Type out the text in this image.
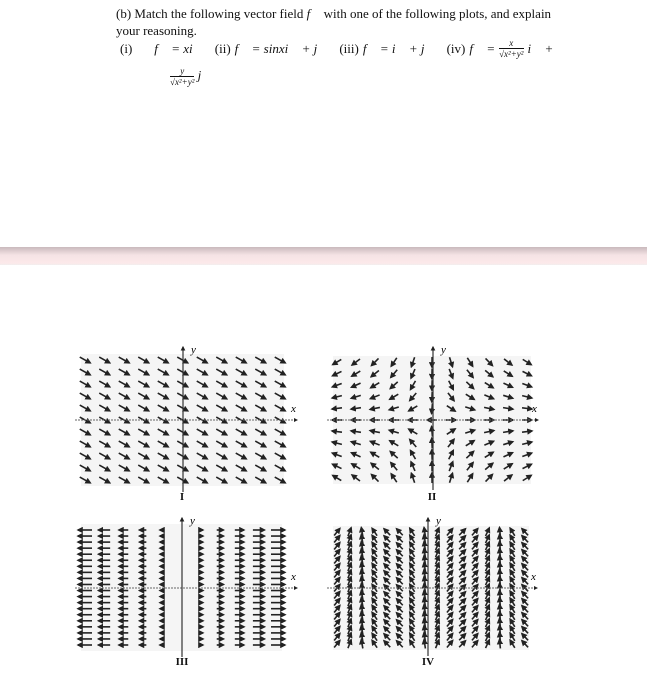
(b) Match the following vector field f⃗ with one of the following plots, and explain
your reasoning.
(i) f⃗ = xi⃗ (ii) f⃗ = sinxi⃗ + j⃗ (iii) f⃗ = i⃗ + j⃗ (iv) f⃗ = $\frac{x}{\text{√x²+y²}}$ i⃗ +
$\frac{y}{\text{√x²+y²}}$ j⃗
x
y
x
y
x
y
x
y
I	II
III	IV
